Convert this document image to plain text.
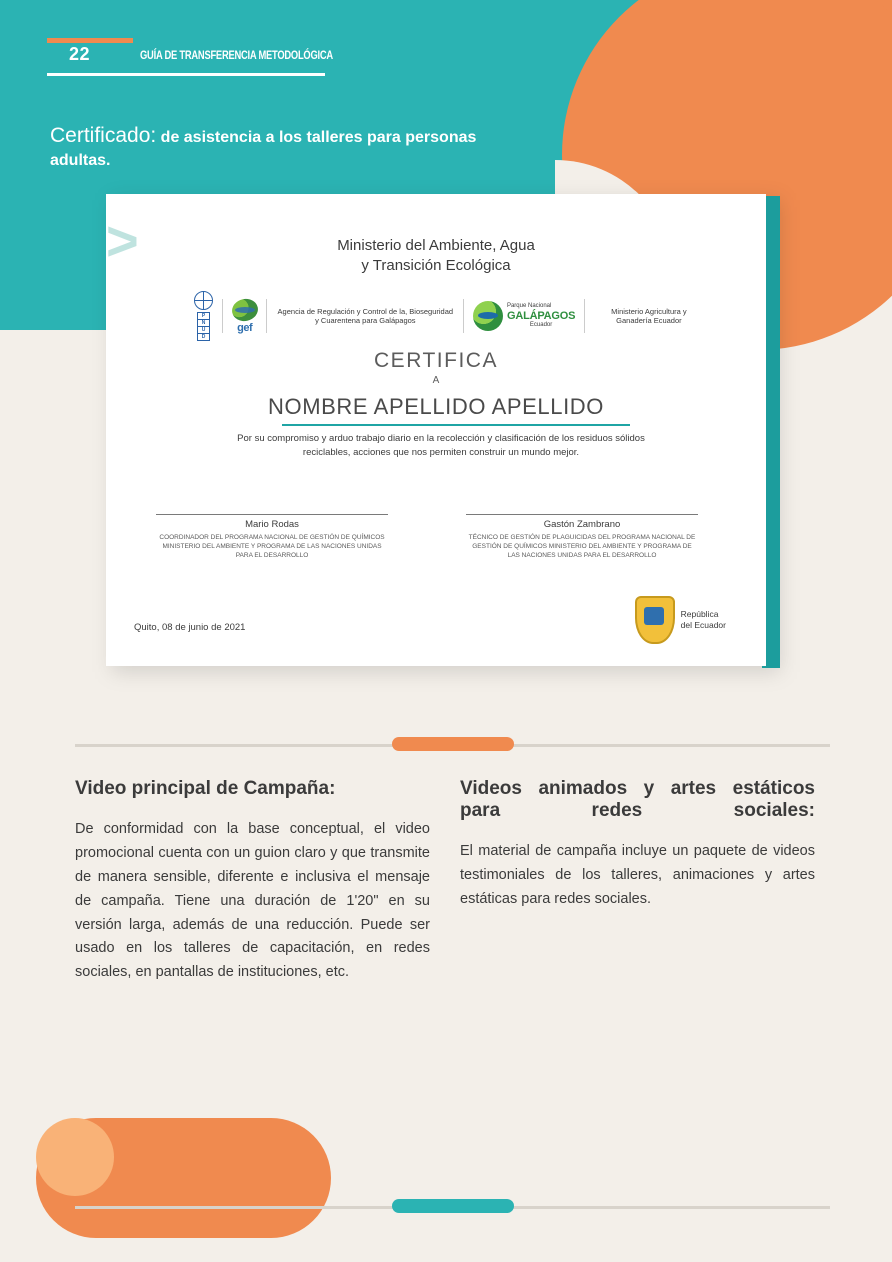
22	GUÍA DE TRANSFERENCIA METODOLÓGICA
Certificado: de asistencia a los talleres para personas adultas.
>	Ministerio del Ambiente, Agua
y Transición Ecológica
P
N
U
D
gef
Agencia de Regulación y Control de la, Bioseguridad y Cuarentena para Galápagos
Parque Nacional
GALÁPAGOS
Ecuador
Ministerio Agricultura y Ganadería Ecuador
CERTIFICA
A
NOMBRE APELLIDO APELLIDO
Por su compromiso y arduo trabajo diario en la recolección y clasificación de los residuos sólidos reciclables, acciones que nos permiten construir un mundo mejor.
Mario Rodas
COORDINADOR DEL PROGRAMA NACIONAL DE GESTIÓN DE QUÍMICOS MINISTERIO DEL AMBIENTE Y PROGRAMA DE LAS NACIONES UNIDAS PARA EL DESARROLLO
Gastón Zambrano
TÉCNICO DE GESTIÓN DE PLAGUICIDAS DEL PROGRAMA NACIONAL DE GESTIÓN DE QUÍMICOS MINISTERIO DEL AMBIENTE Y PROGRAMA DE LAS NACIONES UNIDAS PARA EL DESARROLLO
Quito, 08 de junio de 2021
República
del Ecuador
Video principal de Campaña:

De conformidad con la base conceptual, el video promocional cuenta con un guion claro y que transmite de manera sensible, diferente e inclusiva el mensaje de campaña. Tiene una duración de 1'20" en su versión larga, además de una reducción. Puede ser usado en los talleres de capacitación, en redes sociales, en pantallas de instituciones, etc.

Videos animados y artes estáticos para redes sociales:

El material de campaña incluye un paquete de videos testimoniales de los talleres, animaciones y artes estáticas para redes sociales.
